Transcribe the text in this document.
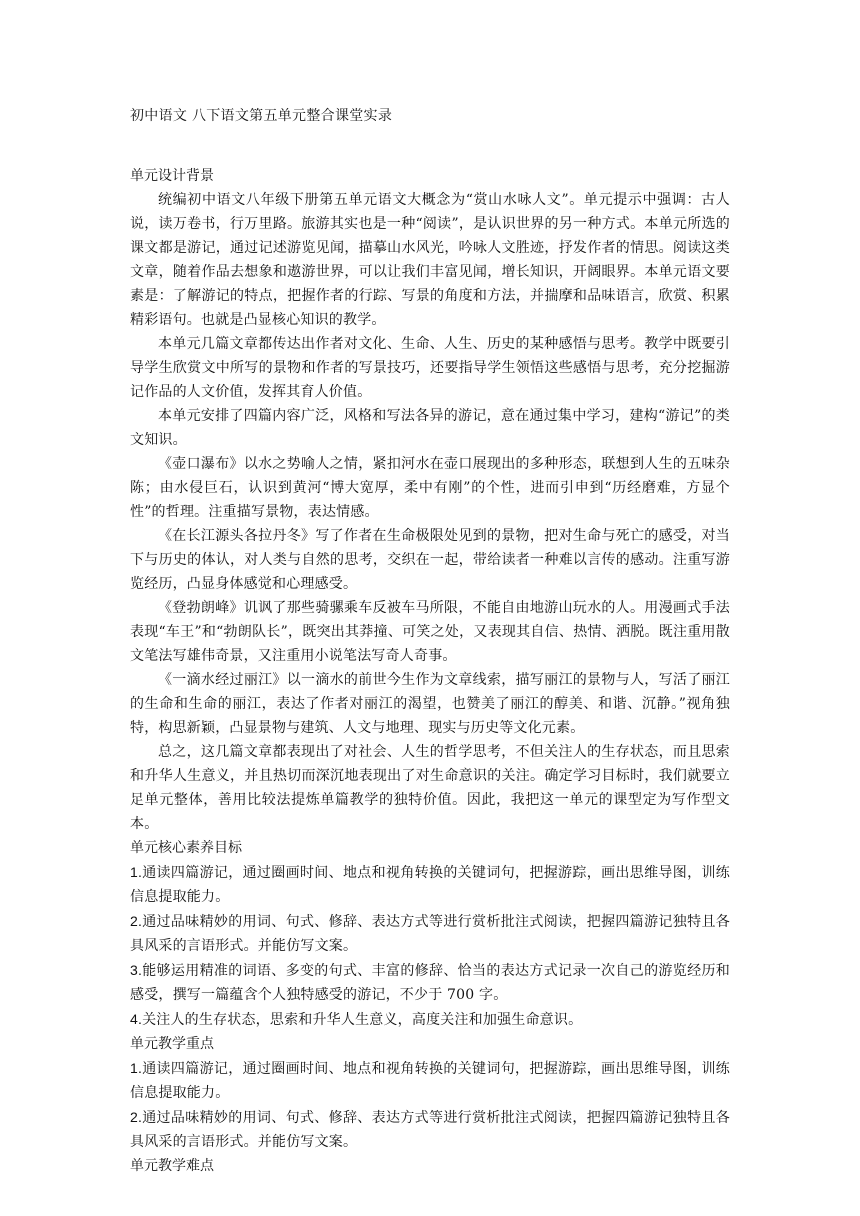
初中语文 八下语文第五单元整合课堂实录

单元设计背景

统编初中语文八年级下册第五单元语文大概念为“赏山水咏人文”。单元提示中强调：古人说，读万卷书，行万里路。旅游其实也是一种“阅读”，是认识世界的另一种方式。本单元所选的课文都是游记，通过记述游览见闻，描摹山水风光，吟咏人文胜迹，抒发作者的情思。阅读这类文章，随着作品去想象和遨游世界，可以让我们丰富见闻，增长知识，开阔眼界。本单元语文要素是：了解游记的特点，把握作者的行踪、写景的角度和方法，并揣摩和品味语言，欣赏、积累精彩语句。也就是凸显核心知识的教学。

本单元几篇文章都传达出作者对文化、生命、人生、历史的某种感悟与思考。教学中既要引导学生欣赏文中所写的景物和作者的写景技巧，还要指导学生领悟这些感悟与思考，充分挖掘游记作品的人文价值，发挥其育人价值。

本单元安排了四篇内容广泛，风格和写法各异的游记，意在通过集中学习，建构“游记”的类文知识。

《壶口瀑布》以水之势喻人之情，紧扣河水在壶口展现出的多种形态，联想到人生的五味杂陈；由水侵巨石，认识到黄河“博大宽厚，柔中有刚”的个性，进而引申到“历经磨难，方显个性”的哲理。注重描写景物，表达情感。

《在长江源头各拉丹冬》写了作者在生命极限处见到的景物，把对生命与死亡的感受，对当下与历史的体认，对人类与自然的思考，交织在一起，带给读者一种难以言传的感动。注重写游览经历，凸显身体感觉和心理感受。

《登勃朗峰》讥讽了那些骑骡乘车反被车马所限，不能自由地游山玩水的人。用漫画式手法表现“车王”和“勃朗队长”，既突出其莽撞、可笑之处，又表现其自信、热情、洒脱。既注重用散文笔法写雄伟奇景，又注重用小说笔法写奇人奇事。

《一滴水经过丽江》以一滴水的前世今生作为文章线索，描写丽江的景物与人，写活了丽江的生命和生命的丽江，表达了作者对丽江的渴望，也赞美了丽江的醇美、和谐、沉静。”视角独特，构思新颖，凸显景物与建筑、人文与地理、现实与历史等文化元素。

总之，这几篇文章都表现出了对社会、人生的哲学思考，不但关注人的生存状态，而且思索和升华人生意义，并且热切而深沉地表现出了对生命意识的关注。确定学习目标时，我们就要立足单元整体，善用比较法提炼单篇教学的独特价值。因此，我把这一单元的课型定为写作型文本。

单元核心素养目标

1.通读四篇游记，通过圈画时间、地点和视角转换的关键词句，把握游踪，画出思维导图，训练信息提取能力。

2.通过品味精妙的用词、句式、修辞、表达方式等进行赏析批注式阅读，把握四篇游记独特且各具风采的言语形式。并能仿写文案。

3.能够运用精准的词语、多变的句式、丰富的修辞、恰当的表达方式记录一次自己的游览经历和感受，撰写一篇蕴含个人独特感受的游记，不少于 700 字。

4.关注人的生存状态，思索和升华人生意义，高度关注和加强生命意识。

单元教学重点

1.通读四篇游记，通过圈画时间、地点和视角转换的关键词句，把握游踪，画出思维导图，训练信息提取能力。

2.通过品味精妙的用词、句式、修辞、表达方式等进行赏析批注式阅读，把握四篇游记独特且各具风采的言语形式。并能仿写文案。

单元教学难点
